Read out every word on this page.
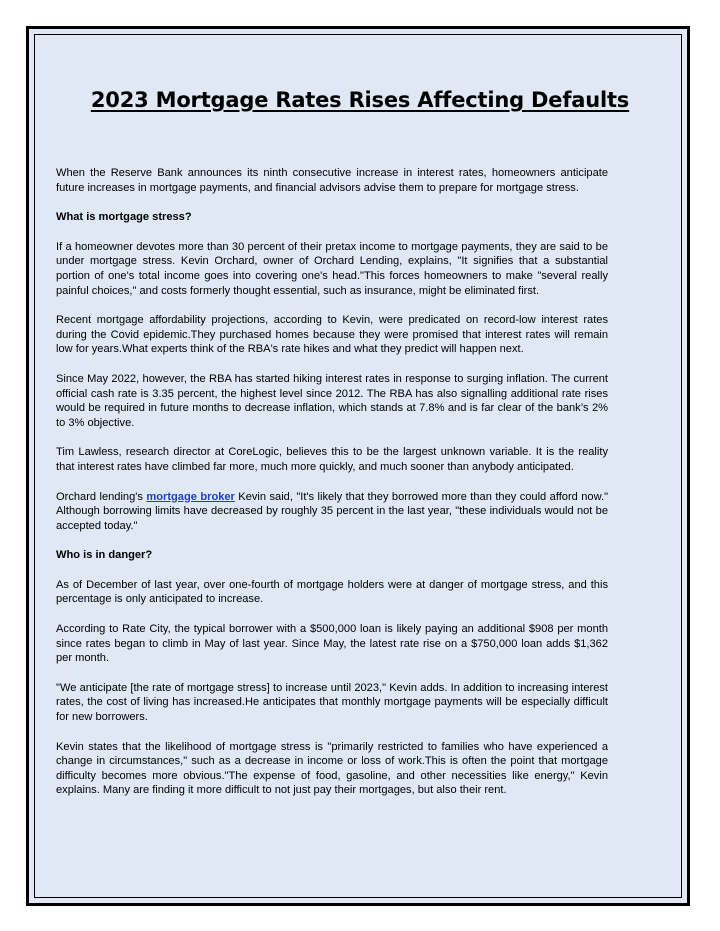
2023 Mortgage Rates Rises Affecting Defaults

When the Reserve Bank announces its ninth consecutive increase in interest rates, homeowners anticipate future increases in mortgage payments, and financial advisors advise them to prepare for mortgage stress.

What is mortgage stress?

If a homeowner devotes more than 30 percent of their pretax income to mortgage payments, they are said to be under mortgage stress. Kevin Orchard, owner of Orchard Lending, explains, "It signifies that a substantial portion of one's total income goes into covering one's head."This forces homeowners to make "several really painful choices," and costs formerly thought essential, such as insurance, might be eliminated first.

Recent mortgage affordability projections, according to Kevin, were predicated on record-low interest rates during the Covid epidemic.They purchased homes because they were promised that interest rates will remain low for years.What experts think of the RBA's rate hikes and what they predict will happen next.

Since May 2022, however, the RBA has started hiking interest rates in response to surging inflation. The current official cash rate is 3.35 percent, the highest level since 2012. The RBA has also signalling additional rate rises would be required in future months to decrease inflation, which stands at 7.8% and is far clear of the bank’s 2% to 3% objective.

Tim Lawless, research director at CoreLogic, believes this to be the largest unknown variable. It is the reality that interest rates have climbed far more, much more quickly, and much sooner than anybody anticipated.

Orchard lending's mortgage broker Kevin said, "It's likely that they borrowed more than they could afford now." Although borrowing limits have decreased by roughly 35 percent in the last year, "these individuals would not be accepted today."

Who is in danger?

As of December of last year, over one-fourth of mortgage holders were at danger of mortgage stress, and this percentage is only anticipated to increase.

According to Rate City, the typical borrower with a $500,000 loan is likely paying an additional $908 per month since rates began to climb in May of last year. Since May, the latest rate rise on a $750,000 loan adds $1,362 per month.

"We anticipate [the rate of mortgage stress] to increase until 2023," Kevin adds. In addition to increasing interest rates, the cost of living has increased.He anticipates that monthly mortgage payments will be especially difficult for new borrowers.

Kevin states that the likelihood of mortgage stress is "primarily restricted to families who have experienced a change in circumstances," such as a decrease in income or loss of work.This is often the point that mortgage difficulty becomes more obvious."The expense of food, gasoline, and other necessities like energy," Kevin explains. Many are finding it more difficult to not just pay their mortgages, but also their rent.
